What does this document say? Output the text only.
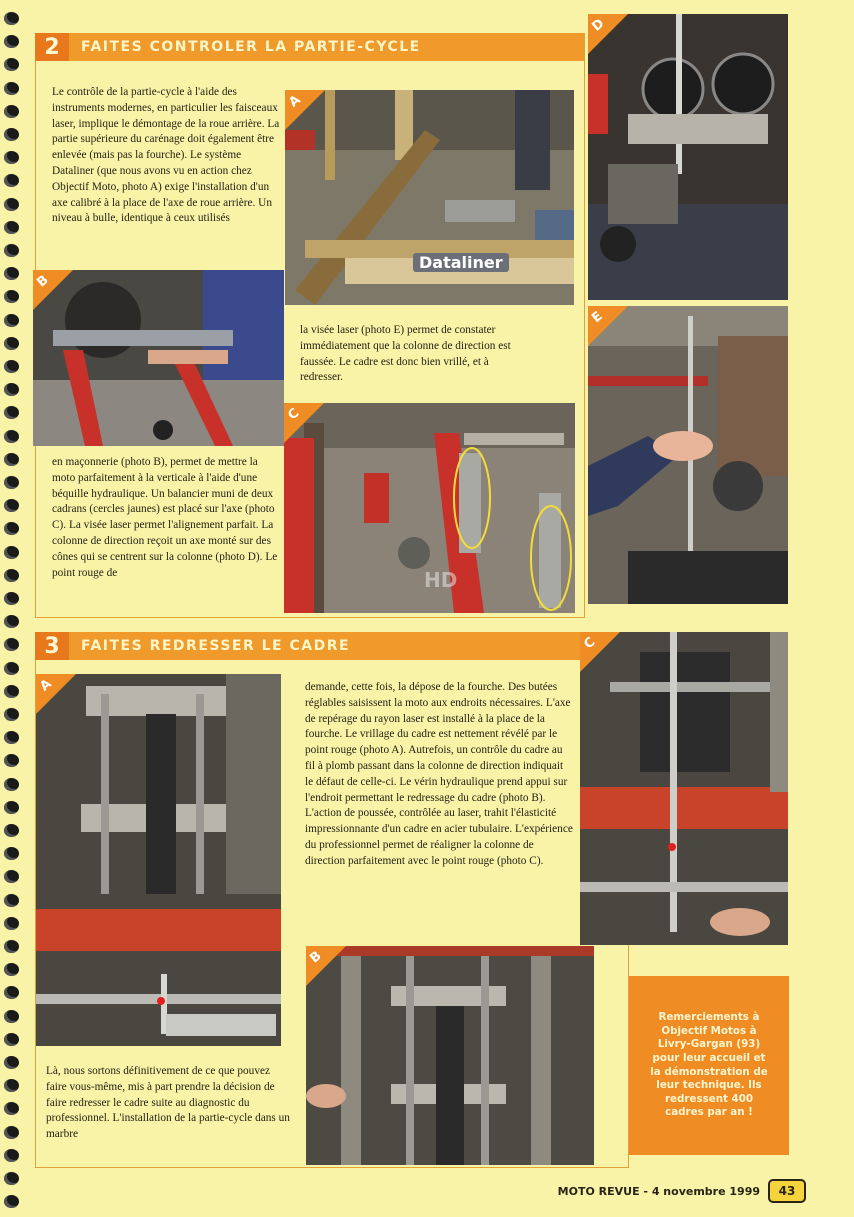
2	FAITES CONTROLER LA PARTIE-CYCLE

Le contrôle de la partie-cycle à l'aide des instruments modernes, en particulier les faisceaux laser, implique le démontage de la roue arrière. La partie supérieure du carénage doit également être enlevée (mais pas la fourche). Le système Dataliner (que nous avons vu en action chez Objectif Moto, photo A) exige l'installation d'un axe calibré à la place de l'axe de roue arrière. Un niveau à bulle, identique à ceux utilisés

Dataliner
A
B

la visée laser (photo E) permet de constater immédiatement que la colonne de direction est faussée. Le cadre est donc bien vrillé, et à redresser.

en maçonnerie (photo B), permet de mettre la moto parfaitement à la verticale à l'aide d'une béquille hydraulique. Un balancier muni de deux cadrans (cercles jaunes) est placé sur l'axe (photo C). La visée laser permet l'alignement parfait. La colonne de direction reçoit un axe monté sur des cônes qui se centrent sur la colonne (photo D). Le point rouge de	HD
C
D
E
3	FAITES REDRESSER LE CADRE
A	demande, cette fois, la dépose de la fourche. Des butées réglables saisissent la moto aux endroits nécessaires. L'axe de repérage du rayon laser est installé à la place de la fourche. Le vrillage du cadre est nettement révélé par le point rouge (photo A). Autrefois, un contrôle du cadre au fil à plomb passant dans la colonne de direction indiquait le défaut de celle-ci. Le vérin hydraulique prend appui sur l'endroit permettant le redressage du cadre (photo B). L'action de poussée, contrôlée au laser, trahit l'élasticité impressionnante d'un cadre en acier tubulaire. L'expérience du professionnel permet de réaligner la colonne de direction parfaitement avec le point rouge (photo C).

Là, nous sortons définitivement de ce que pouvez faire vous-même, mis à part prendre la décision de faire redresser le cadre suite au diagnostic du professionnel. L'installation de la partie-cycle dans un marbre

B
C
Remerciements à Objectif Motos à Livry-Gargan (93) pour leur accueil et la démonstration de leur technique. Ils redressent 400 cadres par an !
MOTO REVUE - 4 novembre 1999	43
